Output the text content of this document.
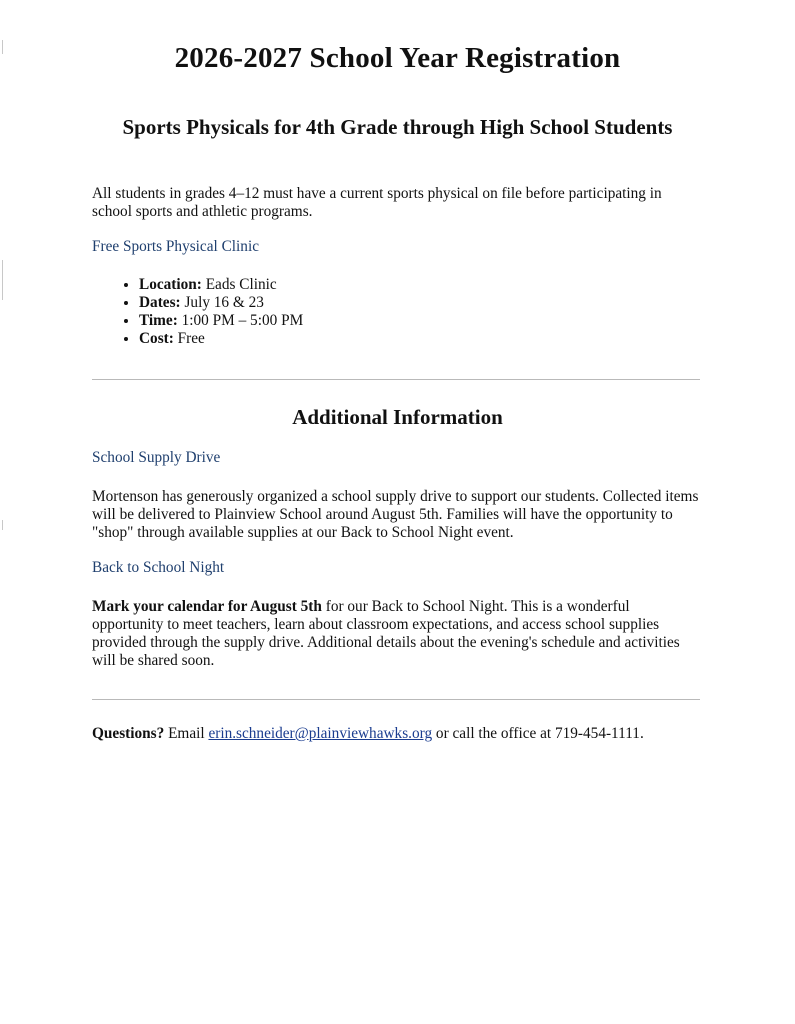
2026-2027 School Year Registration
Sports Physicals for 4th Grade through High School Students

All students in grades 4–12 must have a current sports physical on file before participating in school sports and athletic programs.

Free Sports Physical Clinic

• Location: Eads Clinic
• Dates: July 16 & 23
• Time: 1:00 PM – 5:00 PM
• Cost: Free
Additional Information

School Supply Drive

Mortenson has generously organized a school supply drive to support our students. Collected items will be delivered to Plainview School around August 5th. Families will have the opportunity to "shop" through available supplies at our Back to School Night event.

Back to School Night

Mark your calendar for August 5th for our Back to School Night. This is a wonderful opportunity to meet teachers, learn about classroom expectations, and access school supplies provided through the supply drive. Additional details about the evening's schedule and activities will be shared soon.

Questions? Email erin.schneider@plainviewhawks.org or call the office at 719-454-1111.
